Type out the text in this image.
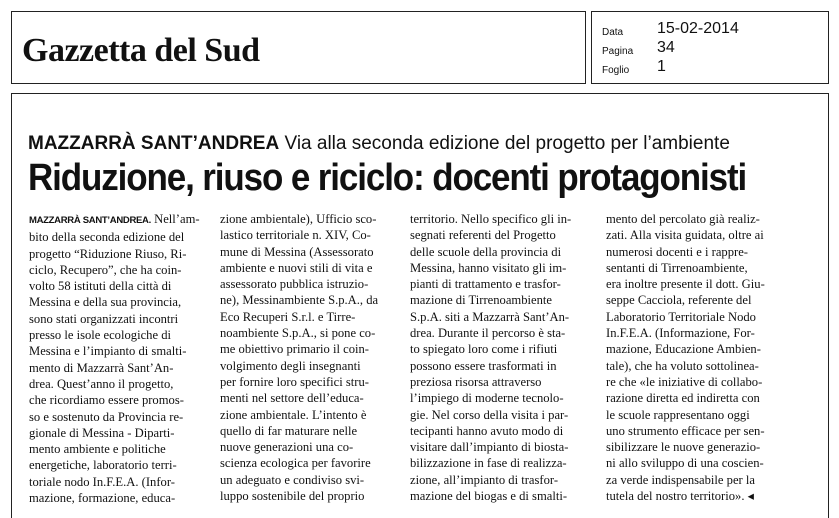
Gazzetta del Sud	Data 15-02-2014
Pagina 34
Foglio 1
MAZZARRÀ SANT’ANDREA Via alla seconda edizione del progetto per l’ambiente
Riduzione, riuso e riciclo: docenti protagonisti
MAZZARRÀ SANT’ANDREA. Nell’am-
bito della seconda edizione del
progetto “Riduzione Riuso, Ri-
ciclo, Recupero”, che ha coin-
volto 58 istituti della città di
Messina e della sua provincia,
sono stati organizzati incontri
presso le isole ecologiche di
Messina e l’impianto di smalti-
mento di Mazzarrà Sant’An-
drea. Quest’anno il progetto,
che ricordiamo essere promos-
so e sostenuto da Provincia re-
gionale di Messina - Diparti-
mento ambiente e politiche
energetiche, laboratorio terri-
toriale nodo In.F.E.A. (Infor-
mazione, formazione, educa-
zione ambientale), Ufficio sco-
lastico territoriale n. XIV, Co-
mune di Messina (Assessorato
ambiente e nuovi stili di vita e
assessorato pubblica istruzio-
ne), Messinambiente S.p.A., da
Eco Recuperi S.r.l. e Tirre-
noambiente S.p.A., si pone co-
me obiettivo primario il coin-
volgimento degli insegnanti
per fornire loro specifici stru-
menti nel settore dell’educa-
zione ambientale. L’intento è
quello di far maturare nelle
nuove generazioni una co-
scienza ecologica per favorire
un adeguato e condiviso svi-
luppo sostenibile del proprio
territorio. Nello specifico gli in-
segnati referenti del Progetto
delle scuole della provincia di
Messina, hanno visitato gli im-
pianti di trattamento e trasfor-
mazione di Tirrenoambiente
S.p.A. siti a Mazzarrà Sant’An-
drea. Durante il percorso è sta-
to spiegato loro come i rifiuti
possono essere trasformati in
preziosa risorsa attraverso
l’impiego di moderne tecnolo-
gie. Nel corso della visita i par-
tecipanti hanno avuto modo di
visitare dall’impianto di biosta-
bilizzazione in fase di realizza-
zione, all’impianto di trasfor-
mazione del biogas e di smalti-
mento del percolato già realiz-
zati. Alla visita guidata, oltre ai
numerosi docenti e i rappre-
sentanti di Tirrenoambiente,
era inoltre presente il dott. Giu-
seppe Cacciola, referente del
Laboratorio Territoriale Nodo
In.F.E.A. (Informazione, For-
mazione, Educazione Ambien-
tale), che ha voluto sottolinea-
re che «le iniziative di collabo-
razione diretta ed indiretta con
le scuole rappresentano oggi
uno strumento efficace per sen-
sibilizzare le nuove generazio-
ni allo sviluppo di una coscien-
za verde indispensabile per la
tutela del nostro territorio». ◂
